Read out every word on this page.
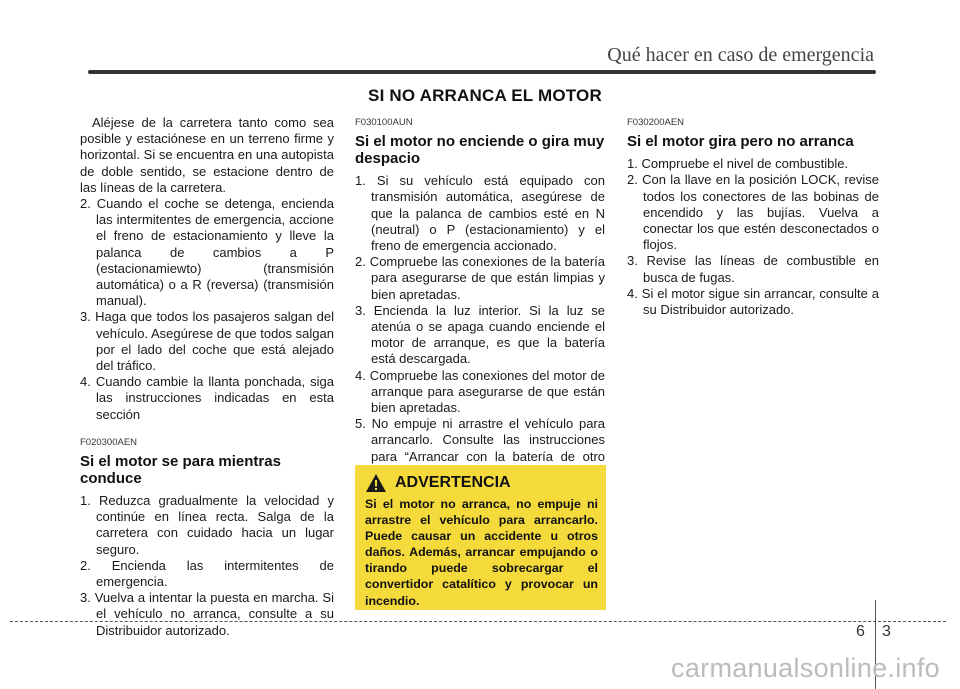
Qué hacer en caso de emergencia
SI NO ARRANCA EL MOTOR

Aléjese de la carretera tanto como sea posible y estaciónese en un terreno firme y horizontal. Si se encuentra en una autopista de doble sentido, se estacione dentro de las líneas de la carretera.

2. Cuando el coche se detenga, encienda las intermitentes de emergencia, accione el freno de estacionamiento y lleve la palanca de cambios a P (estacionamiewto) (transmisión automática) o a R (reversa) (transmisión manual).
3. Haga que todos los pasajeros salgan del vehículo. Asegúrese de que todos salgan por el lado del coche que está alejado del tráfico.
4. Cuando cambie la llanta ponchada, siga las instrucciones indicadas en esta sección

F020300AEN

Si el motor se para mientras conduce

1. Reduzca gradualmente la velocidad y continúe en línea recta. Salga de la carretera con cuidado hacia un lugar seguro.
2. Encienda las intermitentes de emergencia.
3. Vuelva a intentar la puesta en marcha. Si el vehículo no arranca, consulte a su Distribuidor autorizado.

F030100AUN

Si el motor no enciende o gira muy despacio

1. Si su vehículo está equipado con transmisión automática, asegúrese de que la palanca de cambios esté en N (neutral) o P (estacionamiento) y el freno de emergencia accionado.
2. Compruebe las conexiones de la batería para asegurarse de que están limpias y bien apretadas.
3. Encienda la luz interior. Si la luz se atenúa o se apaga cuando enciende el motor de arranque, es que la batería está descargada.
4. Compruebe las conexiones del motor de arranque para asegurarse de que están bien apretadas.
5. No empuje ni arrastre el vehículo para arrancarlo. Consulte las instrucciones para “Arrancar con la batería de otro
ADVERTENCIA

Si el motor no arranca, no empuje ni arrastre el vehículo para arrancarlo. Puede causar un accidente u otros daños. Además, arrancar empujando o tirando puede sobrecargar el convertidor catalítico y provocar un incendio.

F030200AEN

Si el motor gira pero no arranca

1. Compruebe el nivel de combustible.
2. Con la llave en la posición LOCK, revise todos los conectores de las bobinas de encendido y las bujías. Vuelva a conectar los que estén desconectados o flojos.
3. Revise las líneas de combustible en busca de fugas.
4. Si el motor sigue sin arrancar, consulte a su Distribuidor autorizado.
6 3
carmanualsonline.info
